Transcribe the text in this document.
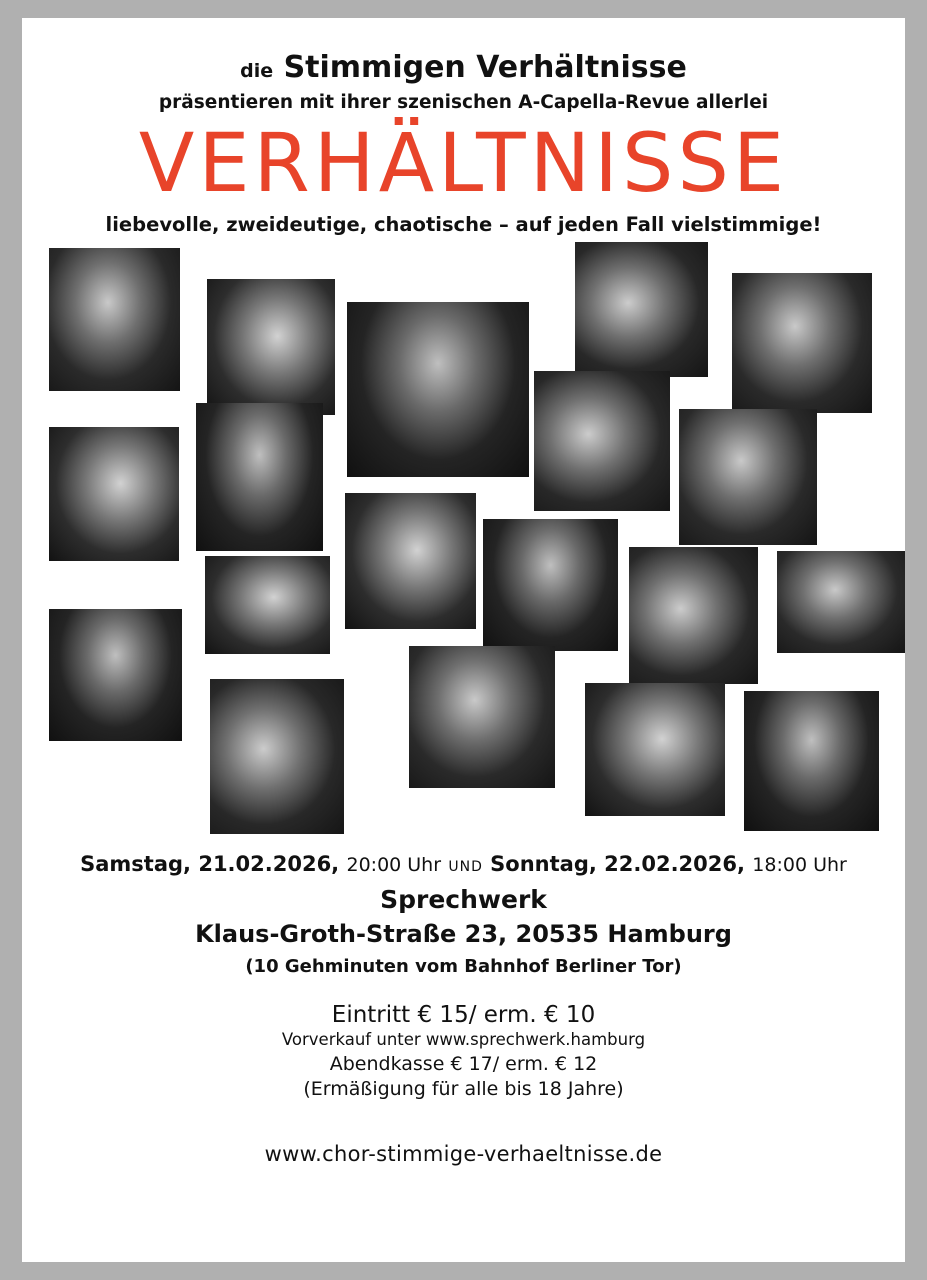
die Stimmigen Verhältnisse
präsentieren mit ihrer szenischen A-Capella-Revue allerlei
VERHÄLTNISSE
liebevolle, zweideutige, chaotische – auf jeden Fall vielstimmige!
Samstag, 21.02.2026, 20:00 Uhr UND Sonntag, 22.02.2026, 18:00 Uhr
Sprechwerk
Klaus-Groth-Straße 23, 20535 Hamburg
(10 Gehminuten vom Bahnhof Berliner Tor)
Eintritt € 15/ erm. € 10
Vorverkauf unter www.sprechwerk.hamburg
Abendkasse € 17/ erm. € 12
(Ermäßigung für alle bis 18 Jahre)
www.chor-stimmige-verhaeltnisse.de
